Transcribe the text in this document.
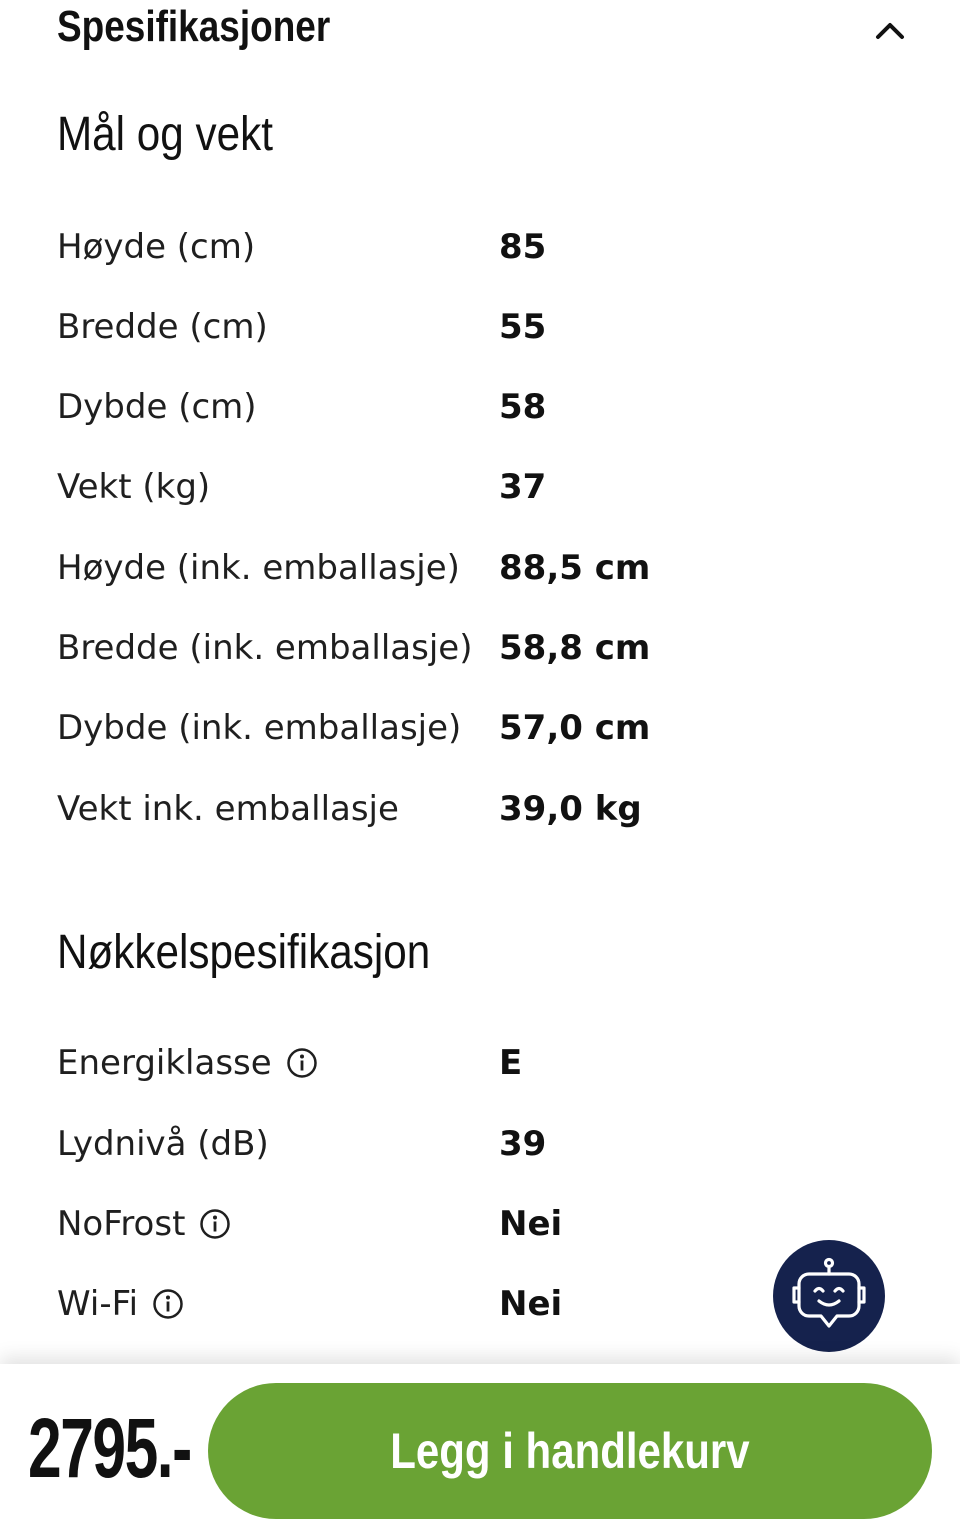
Spesifikasjoner
Mål og vekt
Høyde (cm)	85
Bredde (cm)	55
Dybde (cm)	58
Vekt (kg)	37
Høyde (ink. emballasje) 88,5 cm
Bredde (ink. emballasje) 58,8 cm
Dybde (ink. emballasje) 57,0 cm
Vekt ink. emballasje	39,0 kg
Nøkkelspesifikasjon
Energiklasse	E
Lydnivå (dB)	39
NoFrost	Nei
Wi-Fi	Nei
2795.-	Legg i handlekurv
